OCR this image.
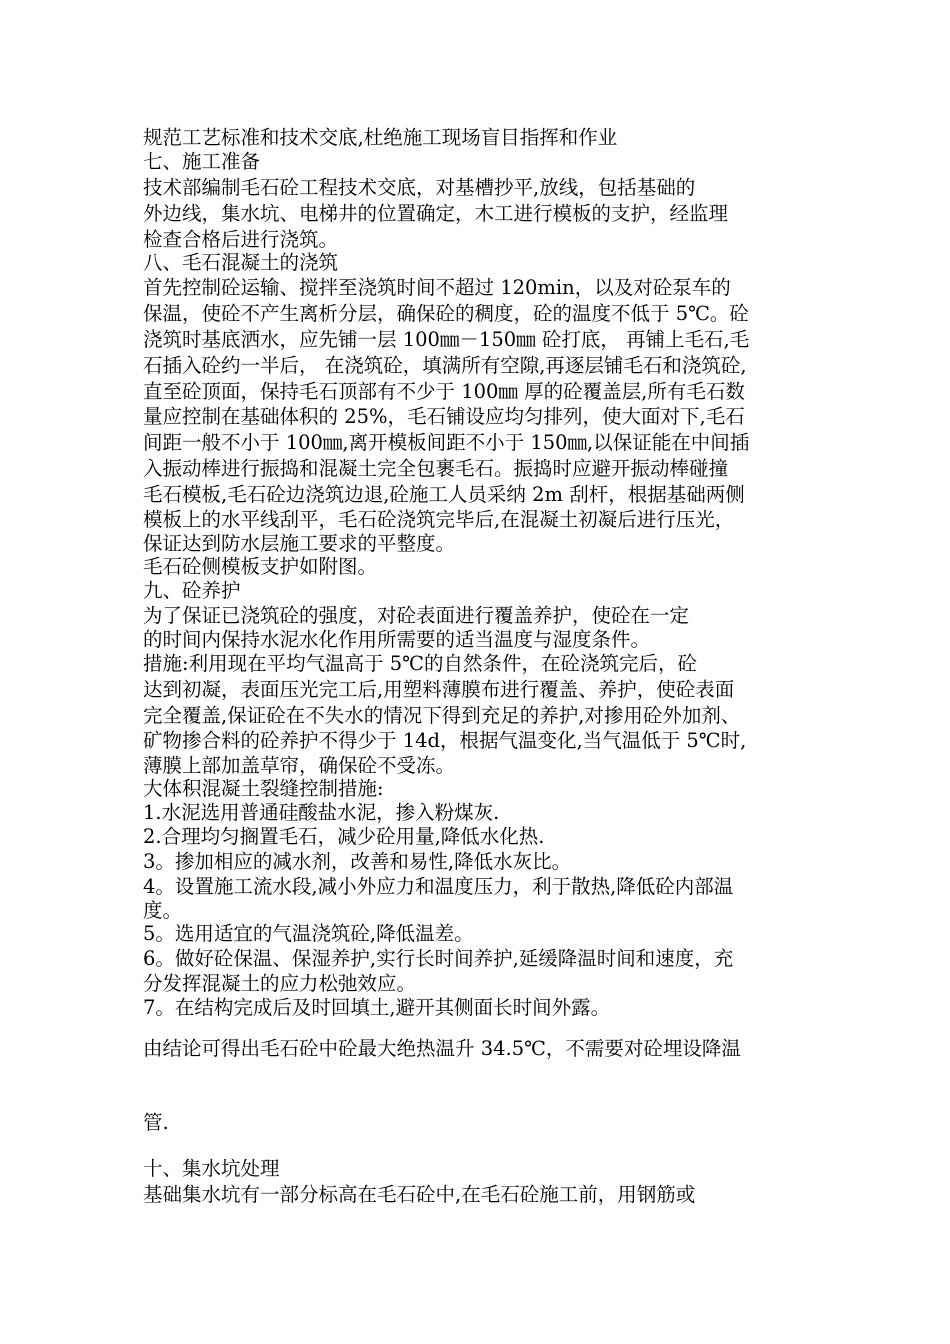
规范工艺标准和技术交底,杜绝施工现场盲目指挥和作业
七、施工准备
技术部编制毛石砼工程技术交底，对基槽抄平,放线，包括基础的
外边线，集水坑、电梯井的位置确定，木工进行模板的支护，经监理
检查合格后进行浇筑。
八、毛石混凝土的浇筑
首先控制砼运输、搅拌至浇筑时间不超过 120min，以及对砼泵车的
保温，使砼不产生离析分层，确保砼的稠度，砼的温度不低于 5℃。砼
浇筑时基底洒水，应先铺一层 100㎜－150㎜ 砼打底， 再铺上毛石,毛
石插入砼约一半后， 在浇筑砼，填满所有空隙,再逐层铺毛石和浇筑砼,
直至砼顶面，保持毛石顶部有不少于 100㎜ 厚的砼覆盖层,所有毛石数
量应控制在基础体积的 25%，毛石铺设应均匀排列，使大面对下,毛石
间距一般不小于 100㎜,离开模板间距不小于 150㎜,以保证能在中间插
入振动棒进行振捣和混凝土完全包裹毛石。振捣时应避开振动棒碰撞
毛石模板,毛石砼边浇筑边退,砼施工人员采纳 2m 刮杆，根据基础两侧
模板上的水平线刮平，毛石砼浇筑完毕后,在混凝土初凝后进行压光，
保证达到防水层施工要求的平整度。
毛石砼侧模板支护如附图。
九、砼养护
为了保证已浇筑砼的强度，对砼表面进行覆盖养护，使砼在一定
的时间内保持水泥水化作用所需要的适当温度与湿度条件。
措施:利用现在平均气温高于 5℃的自然条件，在砼浇筑完后，砼
达到初凝，表面压光完工后,用塑料薄膜布进行覆盖、养护，使砼表面
完全覆盖,保证砼在不失水的情况下得到充足的养护,对掺用砼外加剂、
矿物掺合料的砼养护不得少于 14d，根据气温变化,当气温低于 5℃时,
薄膜上部加盖草帘，确保砼不受冻。
大体积混凝土裂缝控制措施:
1.水泥选用普通硅酸盐水泥，掺入粉煤灰.
2.合理均匀搁置毛石，减少砼用量,降低水化热.
3。掺加相应的减水剂，改善和易性,降低水灰比。
4。设置施工流水段,减小外应力和温度压力，利于散热,降低砼内部温
度。
5。选用适宜的气温浇筑砼,降低温差。
6。做好砼保温、保湿养护,实行长时间养护,延缓降温时间和速度，充
分发挥混凝土的应力松弛效应。
7。在结构完成后及时回填土,避开其侧面长时间外露。
由结论可得出毛石砼中砼最大绝热温升 34.5℃，不需要对砼埋设降温
管.
十、集水坑处理
基础集水坑有一部分标高在毛石砼中,在毛石砼施工前，用钢筋或
